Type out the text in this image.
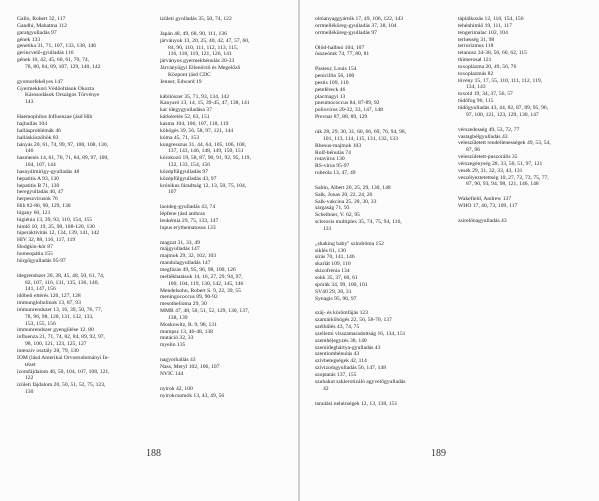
Gallo, Robert 32, 117
Gandhi, Mahatma 112
garatgyulladás 97
gének 133
genetika 31, 71, 107, 133, 138, 146
gerincvelő-gyulladás 116
gének 16, 42, 45, 60, 61, 70, 74,
78, 80, 84, 89, 107, 129, 140, 142
gyomorfekélyes 147
Gyermekkori Védőoltások Okozta
Károsodások Országos Törvénye
143
Haemophilus Influenzae (ásd Hib
hajhullás 104
hallásproblémák 46
hallásküszöbök 83
hányás 20, 61, 74, 99, 97, 100, 108, 130,
146
hasmenés 14, 61, 70, 71, 84, 89, 97, 100,
104, 107, 144
hasnyálmirigy-gyulladás 48
hepatitis A 93, 130
hepatitis B 71, 130
heregyulladás 46, 47
herpeszvírusok 76
Hib 82-86, 90, 129, 130
higany 60, 121
higiénia 13, 39, 93, 110, 154, 155
himlő 10, 19, 25, 98, 108-120, 130
hiperaktivitás 12, 134, 139, 141, 142
HIV 32, 88, 116, 117, 119
Hodgkin-kór 87
homeopátia 155
hörgőgyulladás 95-97
idegrendszer 20, 28, 45, 48, 50, 61, 74,
82, 107, 116, 131, 135, 136, 140,
141, 147, 156
időbeli eltérés 126, 127, 128
immunglobulinok 13, 87, 93
immunrendszer 13, 16, 39, 50, 76, 77,
78, 96, 98, 120, 131, 132, 133,
153, 155, 156
immunrendszer gyengülése 12, 80
influenza 21, 71, 74, 82, 84, 89, 92, 97,
98, 100, 121, 123, 125, 127
intenzív osztály 28, 79, 130
IOM (lásd Amerikai Orvostudományi In-
tézet
izomfájdalom 46, 50, 104, 107, 108, 121,
122
ízületi fájdalom 20, 50, 51, 52, 75, 123,
130
ízületi gyulladás 35, 50, 74, 122
Japán 48, 49, 68, 90, 111, 136
járványok 13, 20, 25, 40, 42, 47, 57, 60,
84, 90, 110, 111, 112, 113, 115,
116, 118, 119, 121, 126, 141
járványos gyermekbénulás 20-33
Járványügyi Ellenőrző és Megelőző
Központ (ásd CDC
Jenner, Edward 19
kábítószer 35, 71, 93, 134, 142
Kanyaró 13, 14, 15, 39-45, 47, 138, 141
kar idegygyulladása 37
kárkérelés 52, 63, 151
kasma 104, 106, 107, 118, 119
köhögés 39, 56, 58, 97, 121, 144
kóma 45, 71, 153
kongresszus 31, 44, 64, 105, 106, 108,
137, 143, 146, 148, 149, 150, 151
kórokozó 19, 58, 87, 90, 91, 92, 95, 119,
132, 133, 154, 156
középfülgyulladás 97
középfülgyulladás 43, 97
krónikus fáradtság 12, 13, 50, 75, 104,
107
laoideg-gyulladás 43, 74
lépfene (ásd anthrax
leukémia 29, 75, 133, 147
lupus erythematosus 133
magzat 31, 33, 49
májgyulladás 147
majmok 29, 32, 102, 103
mandulagyulladás 147
megfázás 49, 95, 96, 98, 100, 126
mellékhatások 14, 16, 27, 29, 94, 97,
100, 104, 119, 130, 142, 145, 146
Mendelsohn, Robert S. 9, 22, 39, 55
meningococcus 89, 90-92
mesothelioma 29, 30
MMR 47, 48, 50, 51, 52, 129, 130, 137,
138, 139
Moskowitz, R. 9, 98, 131
mumpsz 13, 46-48, 138
mutáció 32, 33
myelin 135
nagyorhallás 43
Nass, Meryl 102, 106, 107
NVIC 144
nyirok 42, 100
nyirokcsomók 13, 43, 49, 56
188
oltóanyaggyártók 17, 49, 106, 122, 143
orrmelléküreg-gyulladás 37, 38, 104
orrmelléküreg-gyulladás 97
Ölőd-halbnó 104, 107
összeómk 74, 77, 80, 81
Pasteur, Louis 154
penicillin 56, 100
pestis 109, 110
peteféreck 46
placmagyi 13
pneumococcus 84, 87-89, 92
poliovírus 20-32, 33, 147, 148
Prevnar 87, 88, 89, 129
rák 28, 29, 30, 31, 60, 66, 69, 76, 94, 98,
101, 113, 114, 115, 131, 132, 133
Rhesus-majmok 103
Rolf-bénulás 74
rotavírus 130
RS-vírus 95-97
rubeóla 13, 47, 49
Sabin, Albert 20, 25, 29, 130, 148
Salk, Jonas 20, 22, 24, 26
Salk-vakcina 25, 28, 30, 33
sárgaság 71, 93
Scheibner, V. 62, 95
sclerosis multiplex 35, 74, 75, 94, 116,
131
„shaking baby" szindróma 152
siklés 61, 130
sírás 70, 141, 146
skarlát 109, 110
skizofrénia 134
sokk 35, 37, 60, 61
spórák 34, 99, 100, 101
SV40 29, 30, 31
Synagis 95, 96, 97
száj- és körömfájás 123
szamárköhögés 22, 56, 58-70, 137
szélhűlés 43, 74, 75
szellemi visszamaradottság 16, 134, 151
szemhéjegyzés 38, 140
szemideghártya-gyulladás 43
szentiombénulás 43
szívbetegségek 42, 114
szívizomgyulladás 56, 147, 148
szoptatás 137, 155
szubakut szklerotizáló agyvelőgyulladás
42
tanulási nehézségek 12, 13, 138, 151
táplálkozás 12, 110, 154, 156
tehénhimlő 19, 111, 117
tengerimalac 102, 104
terhesség 31, 98
terrorizmus 118
tetanusz 34-38, 56, 60, 62, 115
thimerosal 121
toxoplázma 20, 49, 56, 76
toxoplazmás 82
tövény 15, 17, 55, 110, 111, 112, 119,
134, 143
toxoid 19, 34, 37, 56, 57
tüdőfog 96, 115
tüdőgyulladás 43, 44, 82, 87, 89, 95, 96,
97, 100, 121, 123, 129, 130, 147
vérszedesség 49, 53, 72, 77
vastagbélgyulladás 43
veleszületett rendellenességek 49, 53, 54,
87, 96
veleszületett-puszorális 35
vérszegénység 28, 33, 50, 51, 97, 121
vesék 29, 31, 32, 33, 43, 131
veszélyeztetettség 10, 27, 72, 73, 75, 77,
87, 90, 93, 94, 98, 121, 146, 148
Wakefield, Andrew 137
WHO 17, 40, 73, 109, 117
zsírelőnagyulladás 43
189
